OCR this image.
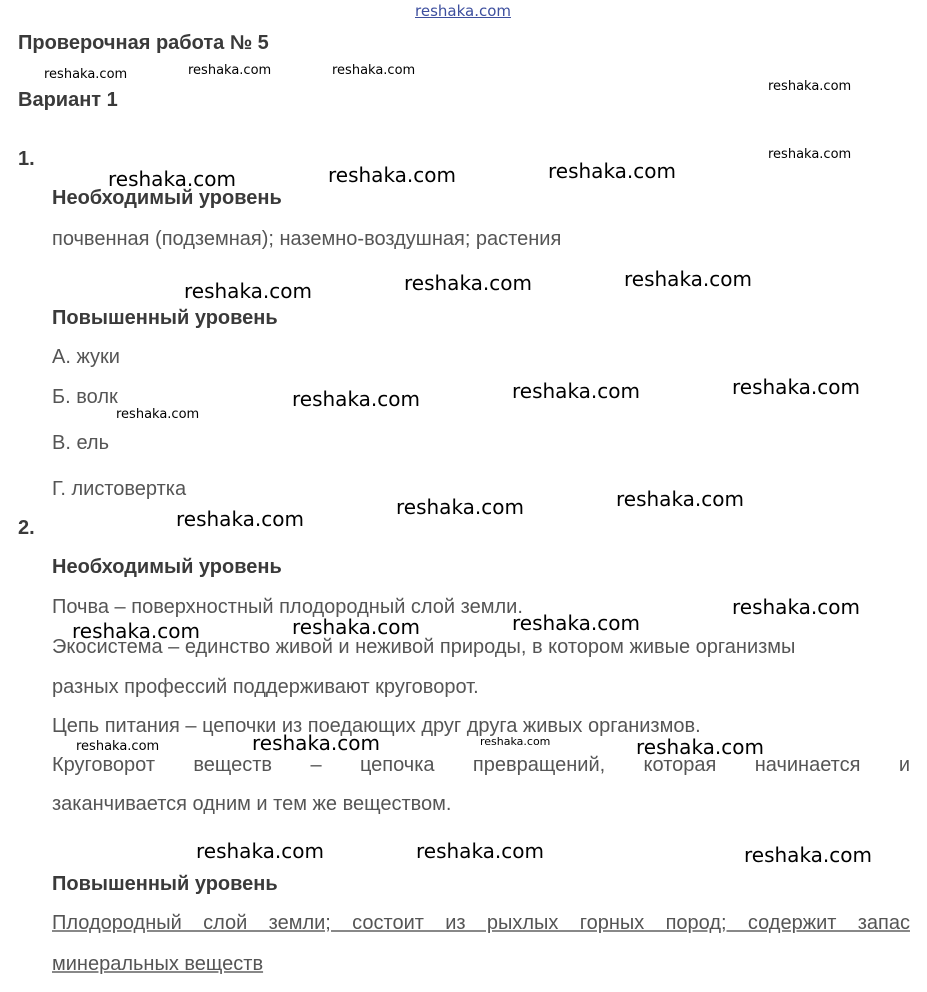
reshaka.com
Проверочная работа № 5
Вариант 1
1.
Необходимый уровень
почвенная (подземная); наземно-воздушная; растения
Повышенный уровень
А. жуки
Б. волк
В. ель
Г. листовертка
2.
Необходимый уровень
Почва – поверхностный плодородный слой земли.
Экосистема – единство живой и неживой природы, в котором живые организмы
разных профессий поддерживают круговорот.
Цепь питания – цепочки из поедающих друг друга живых организмов.
Круговорот веществ – цепочка превращений, которая начинается и
заканчивается одним и тем же веществом.
Повышенный уровень
Плодородный слой земли; состоит из рыхлых горных пород; содержит запас
минеральных веществ
reshaka.com	reshaka.com	reshaka.com
reshaka.com
reshaka.com
reshaka.com	reshaka.com	reshaka.com
reshaka.com	reshaka.com	reshaka.com
reshaka.com	reshaka.com	reshaka.com
reshaka.com
reshaka.com	reshaka.com	reshaka.com
reshaka.com
reshaka.com	reshaka.com	reshaka.com
reshaka.com	reshaka.com	reshaka.com	reshaka.com
reshaka.com	reshaka.com	reshaka.com
